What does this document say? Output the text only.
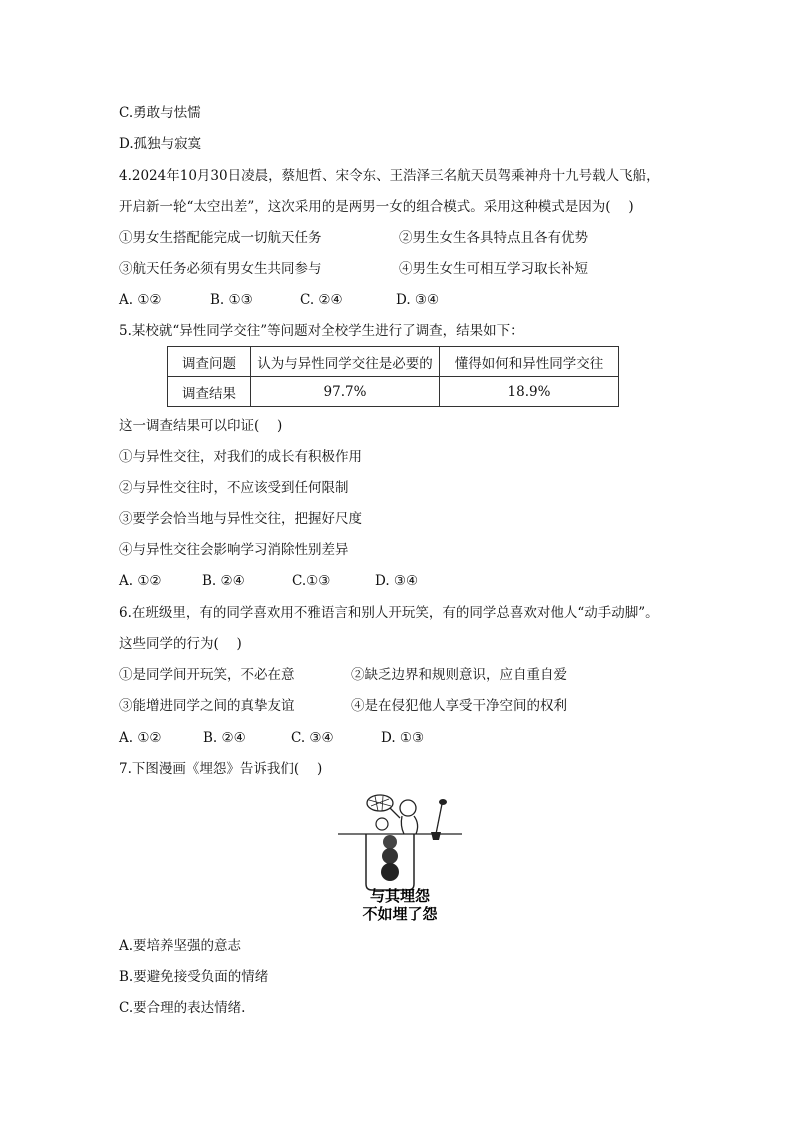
C.勇敢与怯懦
D.孤独与寂寞
4.2024年10月30日凌晨，蔡旭哲、宋令东、王浩泽三名航天员驾乘神舟十九号载人飞船，
开启新一轮“太空出差”，这次采用的是两男一女的组合模式。采用这种模式是因为(　 )
①男女生搭配能完成一切航天任务	②男生女生各具特点且各有优势
③航天任务必须有男女生共同参与	④男生女生可相互学习取长补短
A. ①②	B. ①③	C. ②④	D. ③④
5.某校就“异性同学交往”等问题对全校学生进行了调查，结果如下：
调查问题	认为与异性同学交往是必要的	懂得如何和异性同学交往
调查结果	97.7%	18.9%
这一调查结果可以印证(　 )
①与异性交往，对我们的成长有积极作用
②与异性交往时，不应该受到任何限制
③要学会恰当地与异性交往，把握好尺度
④与异性交往会影响学习消除性别差异
A. ①②	B. ②④	C.①③	D. ③④
6.在班级里，有的同学喜欢用不雅语言和别人开玩笑，有的同学总喜欢对他人“动手动脚”。
这些同学的行为(　 )
①是同学间开玩笑，不必在意	②缺乏边界和规则意识，应自重自爱
③能增进同学之间的真挚友谊	④是在侵犯他人享受干净空间的权利
A. ①②	B. ②④	C. ③④	D. ①③
7.下图漫画《埋怨》告诉我们(　 )
与其埋怨
不如埋了怨
A.要培养坚强的意志
B.要避免接受负面的情绪
C.要合理的表达情绪.
